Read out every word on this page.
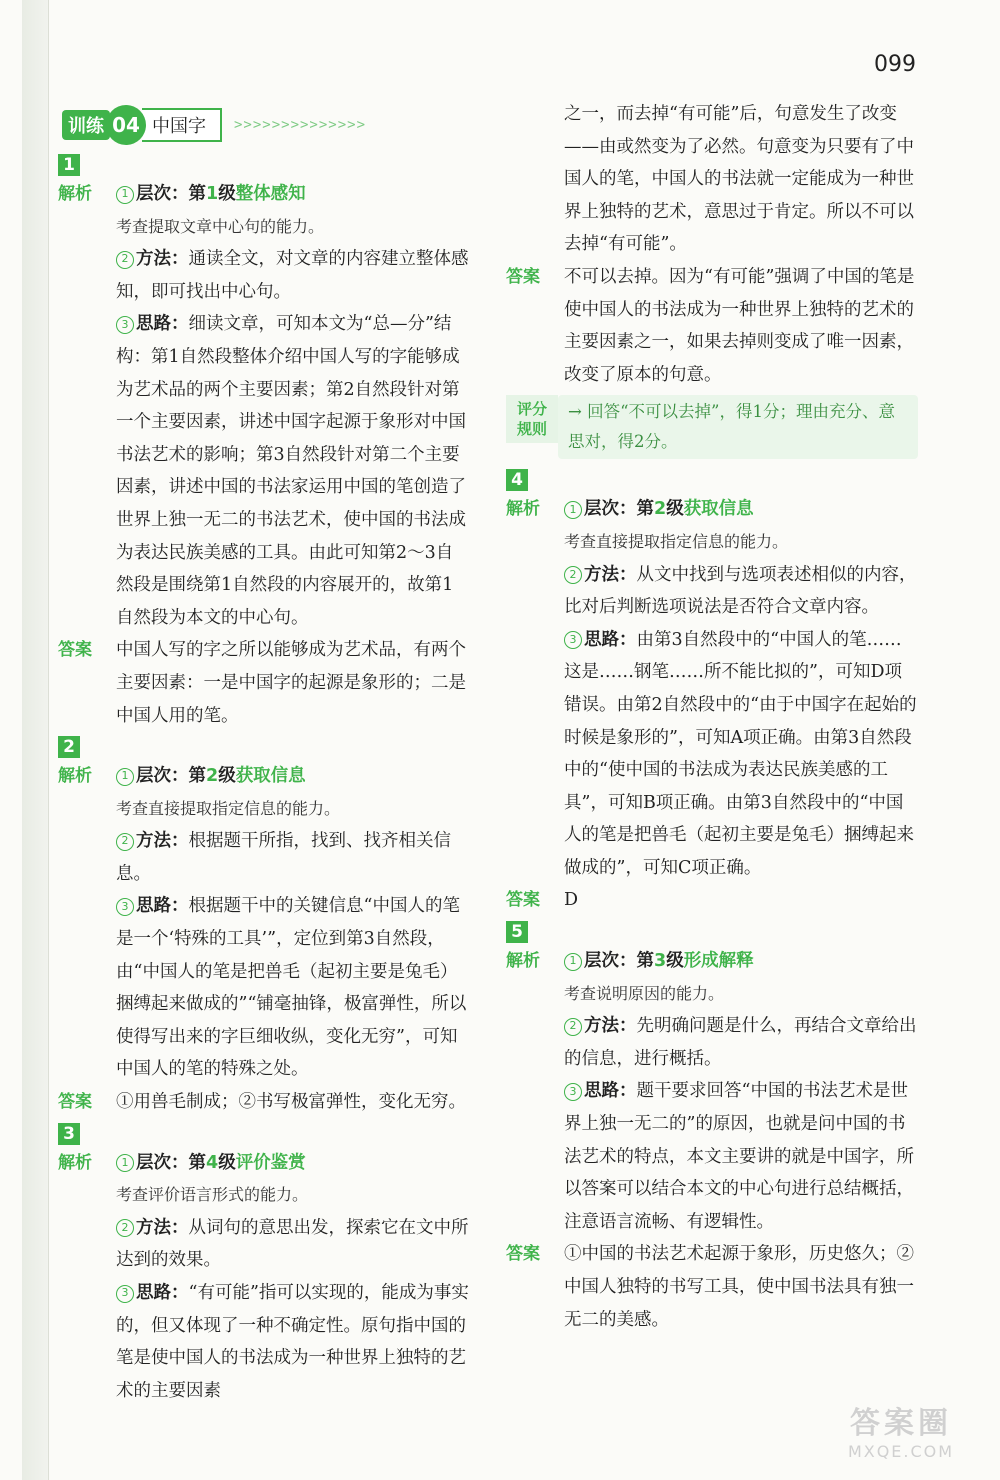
099
训练 04 中国字	>>>>>>>>>>>>>>
1
解析	1 层次：第1级整体感知

考查提取文章中心句的能力。

2 方法：通读全文，对文章的内容建立整体感知，即可找出中心句。

3 思路：细读文章，可知本文为“总—分”结构：第1自然段整体介绍中国人写的字能够成为艺术品的两个主要因素；第2自然段针对第一个主要因素，讲述中国字起源于象形对中国书法艺术的影响；第3自然段针对第二个主要因素，讲述中国的书法家运用中国的笔创造了世界上独一无二的书法艺术，使中国的书法成为表达民族美感的工具。由此可知第2～3自然段是围绕第1自然段的内容展开的，故第1自然段为本文的中心句。

答案	中国人写的字之所以能够成为艺术品，有两个主要因素：一是中国字的起源是象形的；二是中国人用的笔。

2
解析	1 层次：第2级获取信息

考查直接提取指定信息的能力。

2 方法：根据题干所指，找到、找齐相关信息。

3 思路：根据题干中的关键信息“中国人的笔是一个‘特殊的工具’”，定位到第3自然段，由“中国人的笔是把兽毛（起初主要是兔毛）捆缚起来做成的”“铺毫抽锋，极富弹性，所以使得写出来的字巨细收纵，变化无穷”，可知中国人的笔的特殊之处。

答案	①用兽毛制成；②书写极富弹性，变化无穷。

3
解析	1 层次：第4级评价鉴赏

考查评价语言形式的能力。

2 方法：从词句的意思出发，探索它在文中所达到的效果。

3 思路：“有可能”指可以实现的，能成为事实的，但又体现了一种不确定性。原句指中国的笔是使中国人的书法成为一种世界上独特的艺术的主要因素

之一，而去掉“有可能”后，句意发生了改变——由或然变为了必然。句意变为只要有了中国人的笔，中国人的书法就一定能成为一种世界上独特的艺术，意思过于肯定。所以不可以去掉“有可能”。

答案	不可以去掉。因为“有可能”强调了中国的笔是使中国人的书法成为一种世界上独特的艺术的主要因素之一，如果去掉则变成了唯一因素，改变了原本的句意。

评分
规则
→ 回答“不可以去掉”，得1分；理由充分、意思对，得2分。
4
解析	1 层次：第2级获取信息

考查直接提取指定信息的能力。

2 方法：从文中找到与选项表述相似的内容，比对后判断选项说法是否符合文章内容。

3 思路：由第3自然段中的“中国人的笔……这是……钢笔……所不能比拟的”，可知D项错误。由第2自然段中的“由于中国字在起始的时候是象形的”，可知A项正确。由第3自然段中的“使中国的书法成为表达民族美感的工具”，可知B项正确。由第3自然段中的“中国人的笔是把兽毛（起初主要是兔毛）捆缚起来做成的”，可知C项正确。

答案	D

5
解析	1 层次：第3级形成解释

考查说明原因的能力。

2 方法：先明确问题是什么，再结合文章给出的信息，进行概括。

3 思路：题干要求回答“中国的书法艺术是世界上独一无二的”的原因，也就是问中国的书法艺术的特点，本文主要讲的就是中国字，所以答案可以结合本文的中心句进行总结概括，注意语言流畅、有逻辑性。

答案	①中国的书法艺术起源于象形，历史悠久；②中国人独特的书写工具，使中国书法具有独一无二的美感。

答案圈
MXQE.COM
